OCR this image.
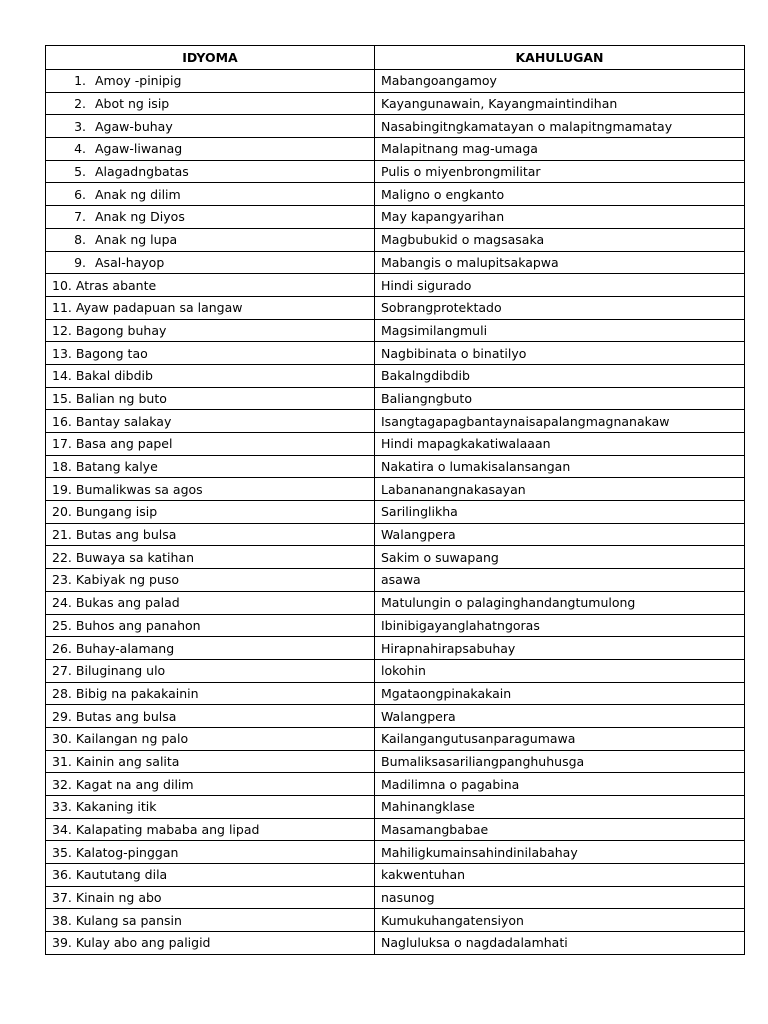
IDYOMA	KAHULUGAN
1. Amoy -pinipig	Mabangoangamoy
2. Abot ng isip	Kayangunawain, Kayangmaintindihan
3. Agaw-buhay	Nasabingitngkamatayan o malapitngmamatay
4. Agaw-liwanag	Malapitnang mag-umaga
5. Alagadngbatas	Pulis o miyenbrongmilitar
6. Anak ng dilim	Maligno o engkanto
7. Anak ng Diyos	May kapangyarihan
8. Anak ng lupa	Magbubukid o magsasaka
9. Asal-hayop	Mabangis o malupitsakapwa
10. Atras abante	Hindi sigurado
11. Ayaw padapuan sa langaw	Sobrangprotektado
12. Bagong buhay	Magsimilangmuli
13. Bagong tao	Nagbibinata o binatilyo
14. Bakal dibdib	Bakalngdibdib
15. Balian ng buto	Baliangngbuto
16. Bantay salakay	Isangtagapagbantaynaisapalangmagnanakaw
17. Basa ang papel	Hindi mapagkakatiwalaaan
18. Batang kalye	Nakatira o lumakisalansangan
19. Bumalikwas sa agos	Labananangnakasayan
20. Bungang isip	Sarilinglikha
21. Butas ang bulsa	Walangpera
22. Buwaya sa katihan	Sakim o suwapang
23. Kabiyak ng puso	asawa
24. Bukas ang palad	Matulungin o palaginghandangtumulong
25. Buhos ang panahon	Ibinibigayanglahatngoras
26. Buhay-alamang	Hirapnahirapsabuhay
27. Biluginang ulo	lokohin
28. Bibig na pakakainin	Mgataongpinakakain
29. Butas ang bulsa	Walangpera
30. Kailangan ng palo	Kailangangutusanparagumawa
31. Kainin ang salita	Bumaliksasariliangpanghuhusga
32. Kagat na ang dilim	Madilimna o pagabina
33. Kakaning itik	Mahinangklase
34. Kalapating mababa ang lipad	Masamangbabae
35. Kalatog-pinggan	Mahiligkumainsahindinilabahay
36. Kaututang dila	kakwentuhan
37. Kinain ng abo	nasunog
38. Kulang sa pansin	Kumukuhangatensiyon
39. Kulay abo ang paligid	Nagluluksa o nagdadalamhati
